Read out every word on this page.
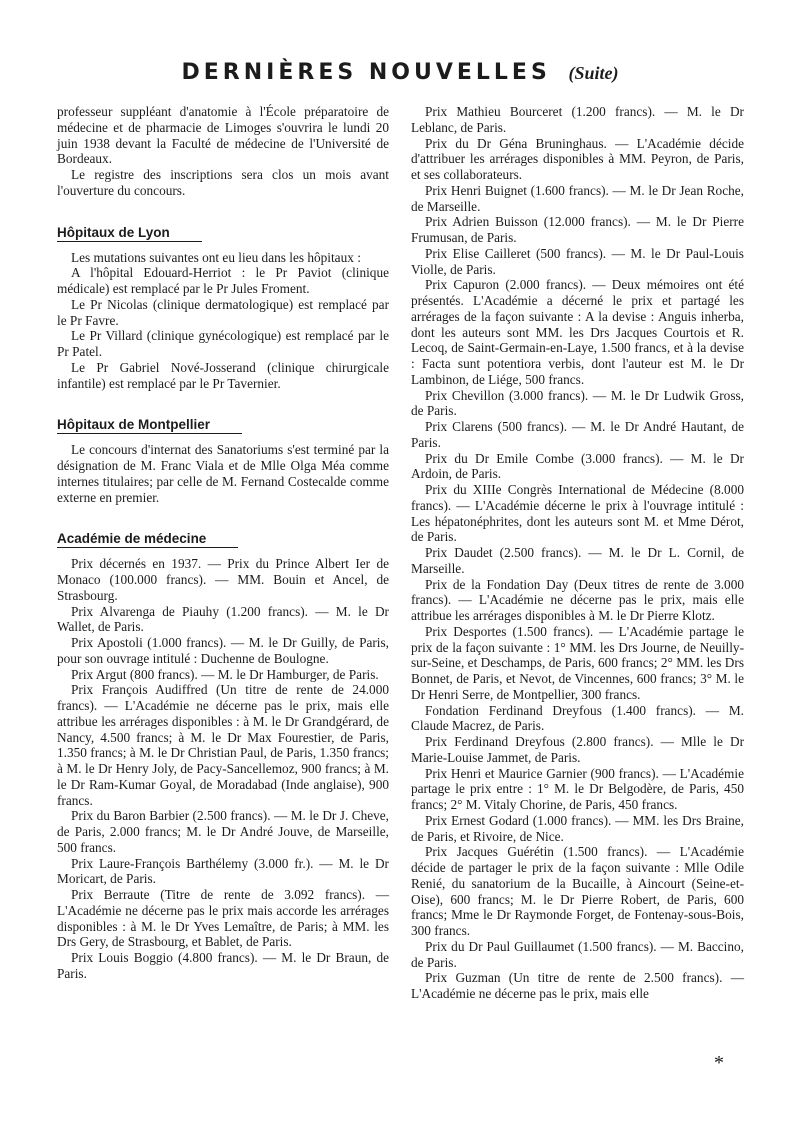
DERNIÈRES NOUVELLES (Suite)

professeur suppléant d'anatomie à l'École préparatoire de médecine et de pharmacie de Limoges s'ouvrira le lundi 20 juin 1938 devant la Faculté de médecine de l'Université de Bordeaux.

Le registre des inscriptions sera clos un mois avant l'ouverture du concours.

Hôpitaux de Lyon

Les mutations suivantes ont eu lieu dans les hôpitaux :

A l'hôpital Edouard-Herriot : le Pr Paviot (clinique médicale) est remplacé par le Pr Jules Froment.

Le Pr Nicolas (clinique dermatologique) est remplacé par le Pr Favre.

Le Pr Villard (clinique gynécologique) est remplacé par le Pr Patel.

Le Pr Gabriel Nové-Josserand (clinique chirurgicale infantile) est remplacé par le Pr Tavernier.

Hôpitaux de Montpellier

Le concours d'internat des Sanatoriums s'est terminé par la désignation de M. Franc Viala et de Mlle Olga Méa comme internes titulaires; par celle de M. Fernand Costecalde comme externe en premier.

Académie de médecine

Prix décernés en 1937. — Prix du Prince Albert Ier de Monaco (100.000 francs). — MM. Bouin et Ancel, de Strasbourg.

Prix Alvarenga de Piauhy (1.200 francs). — M. le Dr Wallet, de Paris.

Prix Apostoli (1.000 francs). — M. le Dr Guilly, de Paris, pour son ouvrage intitulé : Duchenne de Boulogne.

Prix Argut (800 francs). — M. le Dr Hamburger, de Paris.

Prix François Audiffred (Un titre de rente de 24.000 francs). — L'Académie ne décerne pas le prix, mais elle attribue les arrérages disponibles : à M. le Dr Grandgérard, de Nancy, 4.500 francs; à M. le Dr Max Fourestier, de Paris, 1.350 francs; à M. le Dr Christian Paul, de Paris, 1.350 francs; à M. le Dr Henry Joly, de Pacy-Sancellemoz, 900 francs; à M. le Dr Ram-Kumar Goyal, de Moradabad (Inde anglaise), 900 francs.

Prix du Baron Barbier (2.500 francs). — M. le Dr J. Cheve, de Paris, 2.000 francs; M. le Dr André Jouve, de Marseille, 500 francs.

Prix Laure-François Barthélemy (3.000 fr.). — M. le Dr Moricart, de Paris.

Prix Berraute (Titre de rente de 3.092 francs). — L'Académie ne décerne pas le prix mais accorde les arrérages disponibles : à M. le Dr Yves Lemaître, de Paris; à MM. les Drs Gery, de Strasbourg, et Bablet, de Paris.

Prix Louis Boggio (4.800 francs). — M. le Dr Braun, de Paris.

Prix Mathieu Bourceret (1.200 francs). — M. le Dr Leblanc, de Paris.

Prix du Dr Géna Bruninghaus. — L'Académie décide d'attribuer les arrérages disponibles à MM. Peyron, de Paris, et ses collaborateurs.

Prix Henri Buignet (1.600 francs). — M. le Dr Jean Roche, de Marseille.

Prix Adrien Buisson (12.000 francs). — M. le Dr Pierre Frumusan, de Paris.

Prix Elise Cailleret (500 francs). — M. le Dr Paul-Louis Violle, de Paris.

Prix Capuron (2.000 francs). — Deux mémoires ont été présentés. L'Académie a décerné le prix et partagé les arrérages de la façon suivante : A la devise : Anguis inherba, dont les auteurs sont MM. les Drs Jacques Courtois et R. Lecoq, de Saint-Germain-en-Laye, 1.500 francs, et à la devise : Facta sunt potentiora verbis, dont l'auteur est M. le Dr Lambinon, de Liége, 500 francs.

Prix Chevillon (3.000 francs). — M. le Dr Ludwik Gross, de Paris.

Prix Clarens (500 francs). — M. le Dr André Hautant, de Paris.

Prix du Dr Emile Combe (3.000 francs). — M. le Dr Ardoin, de Paris.

Prix du XIIIe Congrès International de Médecine (8.000 francs). — L'Académie décerne le prix à l'ouvrage intitulé : Les hépatonéphrites, dont les auteurs sont M. et Mme Dérot, de Paris.

Prix Daudet (2.500 francs). — M. le Dr L. Cornil, de Marseille.

Prix de la Fondation Day (Deux titres de rente de 3.000 francs). — L'Académie ne décerne pas le prix, mais elle attribue les arrérages disponibles à M. le Dr Pierre Klotz.

Prix Desportes (1.500 francs). — L'Académie partage le prix de la façon suivante : 1° MM. les Drs Journe, de Neuilly-sur-Seine, et Deschamps, de Paris, 600 francs; 2° MM. les Drs Bonnet, de Paris, et Nevot, de Vincennes, 600 francs; 3° M. le Dr Henri Serre, de Montpellier, 300 francs.

Fondation Ferdinand Dreyfous (1.400 francs). — M. Claude Macrez, de Paris.

Prix Ferdinand Dreyfous (2.800 francs). — Mlle le Dr Marie-Louise Jammet, de Paris.

Prix Henri et Maurice Garnier (900 francs). — L'Académie partage le prix entre : 1° M. le Dr Belgodère, de Paris, 450 francs; 2° M. Vitaly Chorine, de Paris, 450 francs.

Prix Ernest Godard (1.000 francs). — MM. les Drs Braine, de Paris, et Rivoire, de Nice.

Prix Jacques Guérétin (1.500 francs). — L'Académie décide de partager le prix de la façon suivante : Mlle Odile Renié, du sanatorium de la Bucaille, à Aincourt (Seine-et-Oise), 600 francs; M. le Dr Pierre Robert, de Paris, 600 francs; Mme le Dr Raymonde Forget, de Fontenay-sous-Bois, 300 francs.

Prix du Dr Paul Guillaumet (1.500 francs). — M. Baccino, de Paris.

Prix Guzman (Un titre de rente de 2.500 francs). — L'Académie ne décerne pas le prix, mais elle

*
